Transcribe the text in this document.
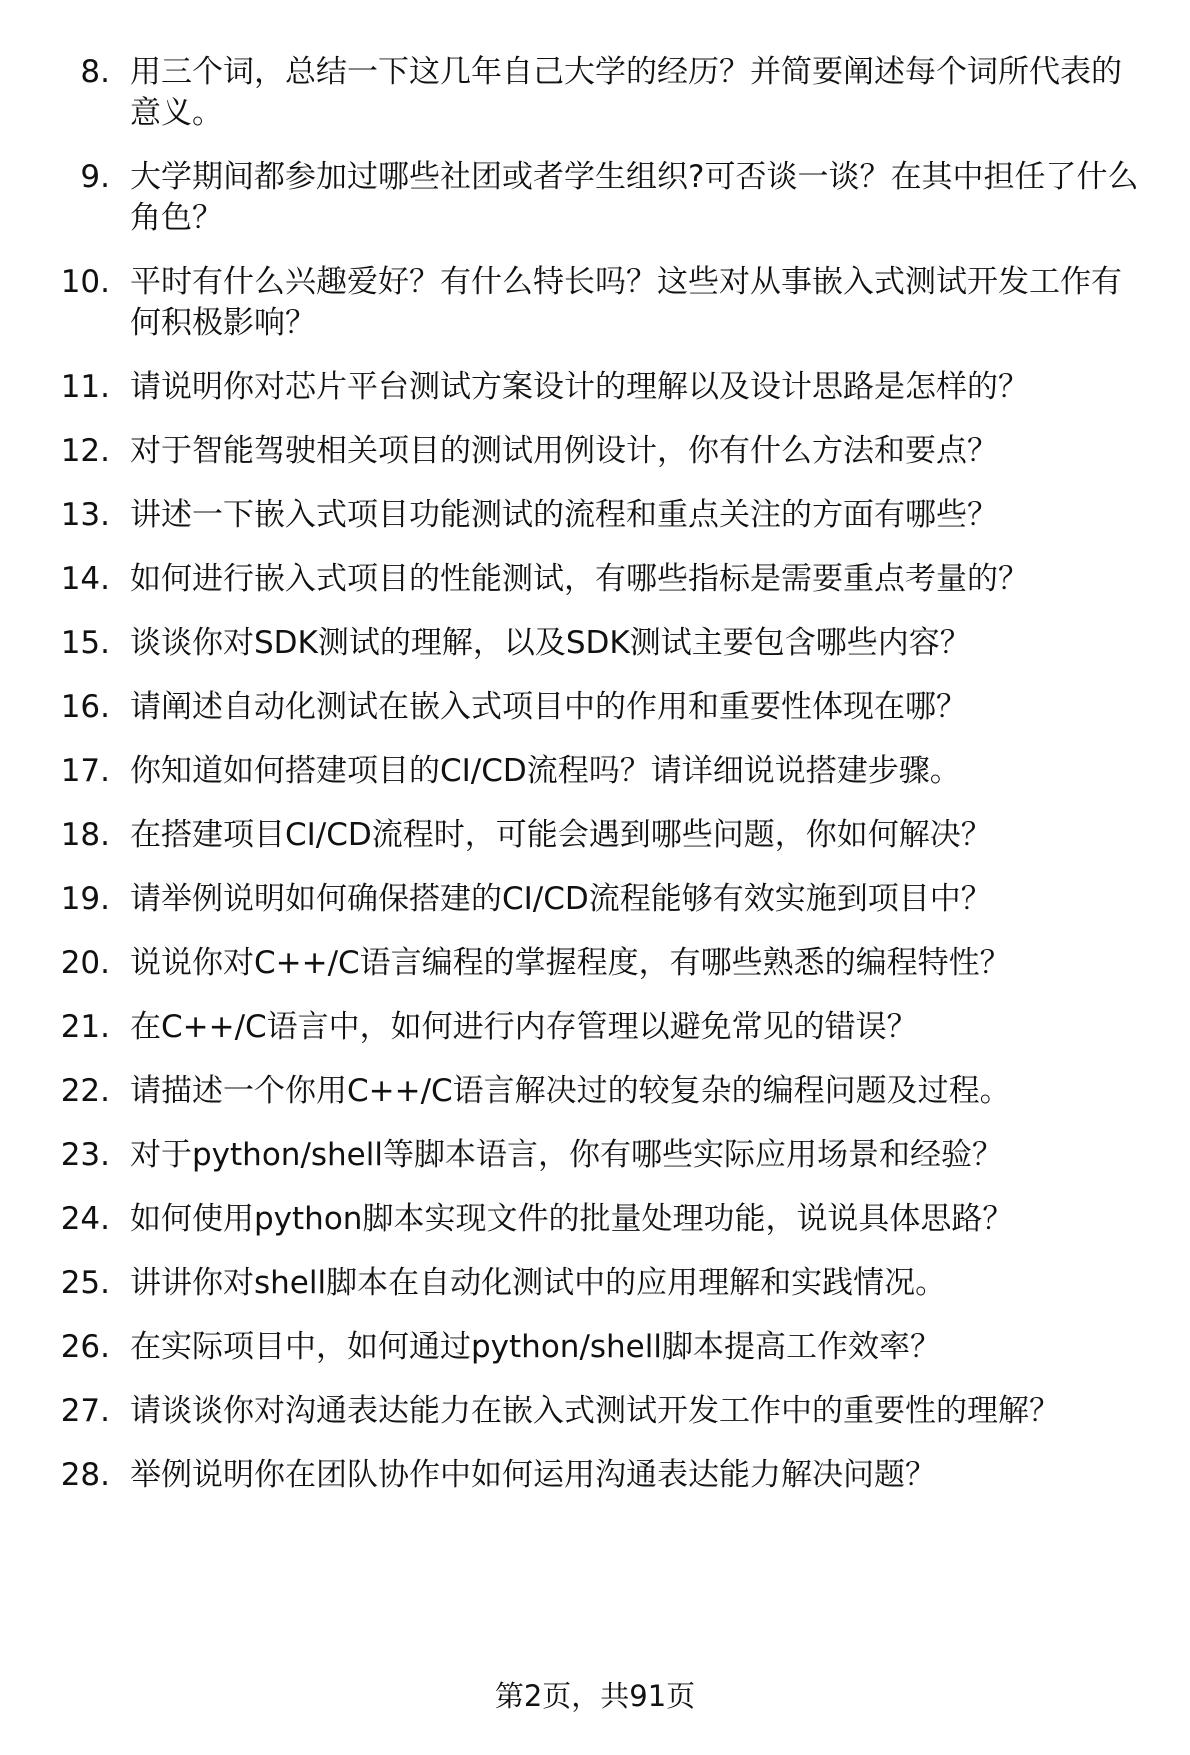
8. 用三个词，总结一下这几年自己大学的经历？并简要阐述每个词所代表的意义。
9. 大学期间都参加过哪些社团或者学生组织?可否谈一谈？在其中担任了什么角色？
10. 平时有什么兴趣爱好？有什么特长吗？这些对从事嵌入式测试开发工作有何积极影响？
11. 请说明你对芯片平台测试方案设计的理解以及设计思路是怎样的？
12. 对于智能驾驶相关项目的测试用例设计，你有什么方法和要点？
13. 讲述一下嵌入式项目功能测试的流程和重点关注的方面有哪些？
14. 如何进行嵌入式项目的性能测试，有哪些指标是需要重点考量的？
15. 谈谈你对SDK测试的理解，以及SDK测试主要包含哪些内容？
16. 请阐述自动化测试在嵌入式项目中的作用和重要性体现在哪？
17. 你知道如何搭建项目的CI/CD流程吗？请详细说说搭建步骤。
18. 在搭建项目CI/CD流程时，可能会遇到哪些问题，你如何解决？
19. 请举例说明如何确保搭建的CI/CD流程能够有效实施到项目中？
20. 说说你对C++/C语言编程的掌握程度，有哪些熟悉的编程特性？
21. 在C++/C语言中，如何进行内存管理以避免常见的错误？
22. 请描述一个你用C++/C语言解决过的较复杂的编程问题及过程。
23. 对于python/shell等脚本语言，你有哪些实际应用场景和经验？
24. 如何使用python脚本实现文件的批量处理功能，说说具体思路？
25. 讲讲你对shell脚本在自动化测试中的应用理解和实践情况。
26. 在实际项目中，如何通过python/shell脚本提高工作效率？
27. 请谈谈你对沟通表达能力在嵌入式测试开发工作中的重要性的理解？
28. 举例说明你在团队协作中如何运用沟通表达能力解决问题？
第2页，共91页
